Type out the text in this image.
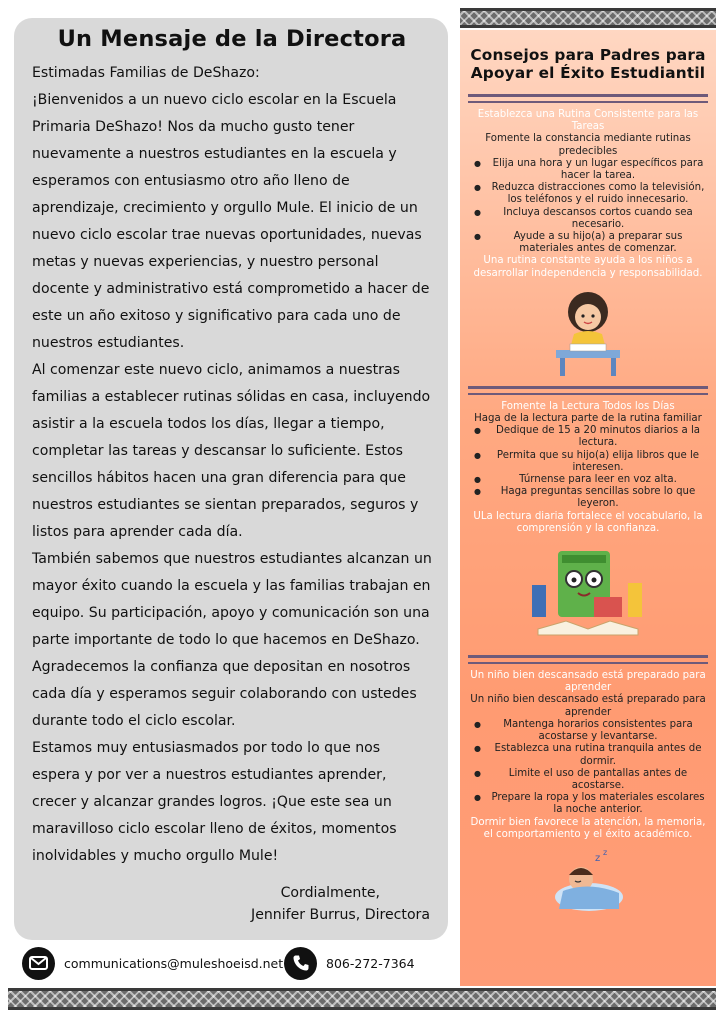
Un Mensaje de la Directora

Estimadas Familias de DeShazo:

¡Bienvenidos a un nuevo ciclo escolar en la Escuela Primaria DeShazo! Nos da mucho gusto tener nuevamente a nuestros estudiantes en la escuela y esperamos con entusiasmo otro año lleno de aprendizaje, crecimiento y orgullo Mule. El inicio de un nuevo ciclo escolar trae nuevas oportunidades, nuevas metas y nuevas experiencias, y nuestro personal docente y administrativo está comprometido a hacer de este un año exitoso y significativo para cada uno de nuestros estudiantes.

Al comenzar este nuevo ciclo, animamos a nuestras familias a establecer rutinas sólidas en casa, incluyendo asistir a la escuela todos los días, llegar a tiempo, completar las tareas y descansar lo suficiente. Estos sencillos hábitos hacen una gran diferencia para que nuestros estudiantes se sientan preparados, seguros y listos para aprender cada día.

También sabemos que nuestros estudiantes alcanzan un mayor éxito cuando la escuela y las familias trabajan en equipo. Su participación, apoyo y comunicación son una parte importante de todo lo que hacemos en DeShazo. Agradecemos la confianza que depositan en nosotros cada día y esperamos seguir colaborando con ustedes durante todo el ciclo escolar.

Estamos muy entusiasmados por todo lo que nos espera y por ver a nuestros estudiantes aprender, crecer y alcanzar grandes logros. ¡Que este sea un maravilloso ciclo escolar lleno de éxitos, momentos inolvidables y mucho orgullo Mule!

Cordialmente,
Jennifer Burrus, Directora
communications@muleshoeisd.net	806-272-7364
Consejos para Padres para Apoyar el Éxito Estudiantil
Establezca una Rutina Consistente para las Tareas
Fomente la constancia mediante rutinas predecibles
● Elija una hora y un lugar específicos para hacer la tarea.
● Reduzca distracciones como la televisión, los teléfonos y el ruido innecesario.
● Incluya descansos cortos cuando sea necesario.
● Ayude a su hijo(a) a preparar sus materiales antes de comenzar.
Una rutina constante ayuda a los niños a desarrollar independencia y responsabilidad.
Fomente la Lectura Todos los Días
Haga de la lectura parte de la rutina familiar
● Dedique de 15 a 20 minutos diarios a la lectura.
● Permita que su hijo(a) elija libros que le interesen.
● Túrnense para leer en voz alta.
● Haga preguntas sencillas sobre lo que leyeron.
ULa lectura diaria fortalece el vocabulario, la comprensión y la confianza.
Un niño bien descansado está preparado para aprender
Un niño bien descansado está preparado para aprender
● Mantenga horarios consistentes para acostarse y levantarse.
● Establezca una rutina tranquila antes de dormir.
● Limite el uso de pantallas antes de acostarse.
● Prepare la ropa y los materiales escolares la noche anterior.
Dormir bien favorece la atención, la memoria, el comportamiento y el éxito académico.
z
z
